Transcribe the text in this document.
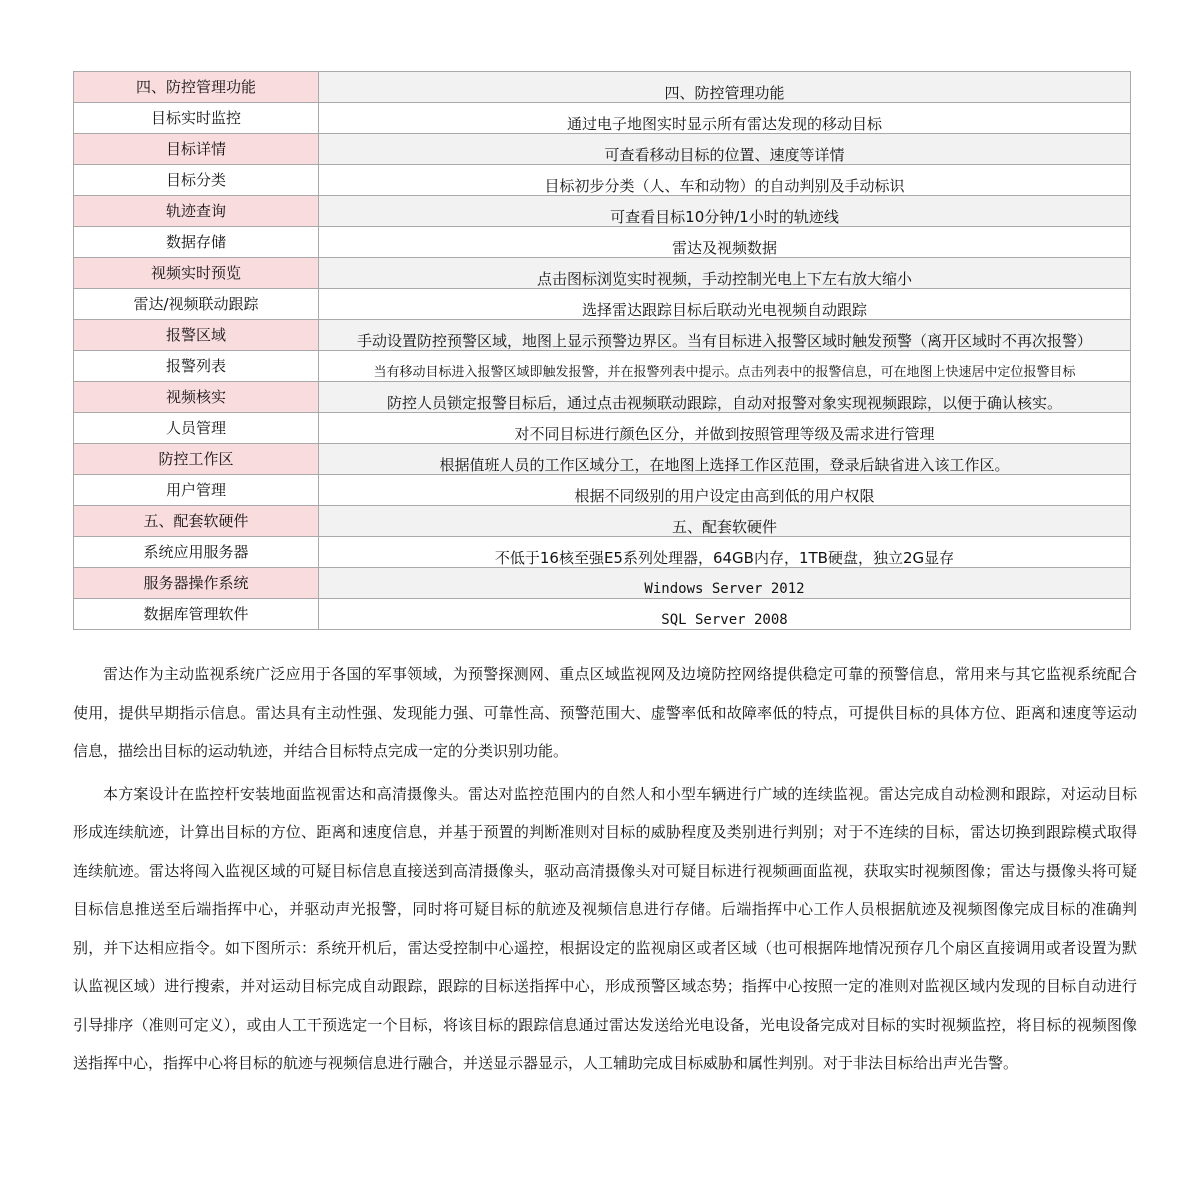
四、防控管理功能	四、防控管理功能
目标实时监控	通过电子地图实时显示所有雷达发现的移动目标
目标详情	可查看移动目标的位置、速度等详情
目标分类	目标初步分类（人、车和动物）的自动判别及手动标识
轨迹查询	可查看目标10分钟/1小时的轨迹线
数据存储	雷达及视频数据
视频实时预览	点击图标浏览实时视频，手动控制光电上下左右放大缩小
雷达/视频联动跟踪	选择雷达跟踪目标后联动光电视频自动跟踪
报警区域	手动设置防控预警区域，地图上显示预警边界区。当有目标进入报警区域时触发预警（离开区域时不再次报警）
报警列表	当有移动目标进入报警区域即触发报警，并在报警列表中提示。点击列表中的报警信息，可在地图上快速居中定位报警目标
视频核实	防控人员锁定报警目标后，通过点击视频联动跟踪，自动对报警对象实现视频跟踪，以便于确认核实。
人员管理	对不同目标进行颜色区分，并做到按照管理等级及需求进行管理
防控工作区	根据值班人员的工作区域分工，在地图上选择工作区范围，登录后缺省进入该工作区。
用户管理	根据不同级别的用户设定由高到低的用户权限
五、配套软硬件	五、配套软硬件
系统应用服务器	不低于16核至强E5系列处理器，64GB内存，1TB硬盘，独立2G显存
服务器操作系统	Windows Server 2012
数据库管理软件	SQL Server 2008

雷达作为主动监视系统广泛应用于各国的军事领域，为预警探测网、重点区域监视网及边境防控网络提供稳定可靠的预警信息，常用来与其它监视系统配合使用，提供早期指示信息。雷达具有主动性强、发现能力强、可靠性高、预警范围大、虚警率低和故障率低的特点，可提供目标的具体方位、距离和速度等运动信息，描绘出目标的运动轨迹，并结合目标特点完成一定的分类识别功能。

本方案设计在监控杆安装地面监视雷达和高清摄像头。雷达对监控范围内的自然人和小型车辆进行广域的连续监视。雷达完成自动检测和跟踪，对运动目标形成连续航迹，计算出目标的方位、距离和速度信息，并基于预置的判断准则对目标的威胁程度及类别进行判别；对于不连续的目标，雷达切换到跟踪模式取得连续航迹。雷达将闯入监视区域的可疑目标信息直接送到高清摄像头，驱动高清摄像头对可疑目标进行视频画面监视，获取实时视频图像；雷达与摄像头将可疑目标信息推送至后端指挥中心，并驱动声光报警，同时将可疑目标的航迹及视频信息进行存储。后端指挥中心工作人员根据航迹及视频图像完成目标的准确判别，并下达相应指令。如下图所示：系统开机后，雷达受控制中心遥控，根据设定的监视扇区或者区域（也可根据阵地情况预存几个扇区直接调用或者设置为默认监视区域）进行搜索，并对运动目标完成自动跟踪，跟踪的目标送指挥中心，形成预警区域态势；指挥中心按照一定的准则对监视区域内发现的目标自动进行引导排序（准则可定义），或由人工干预选定一个目标，将该目标的跟踪信息通过雷达发送给光电设备，光电设备完成对目标的实时视频监控，将目标的视频图像送指挥中心，指挥中心将目标的航迹与视频信息进行融合，并送显示器显示，人工辅助完成目标威胁和属性判别。对于非法目标给出声光告警。
